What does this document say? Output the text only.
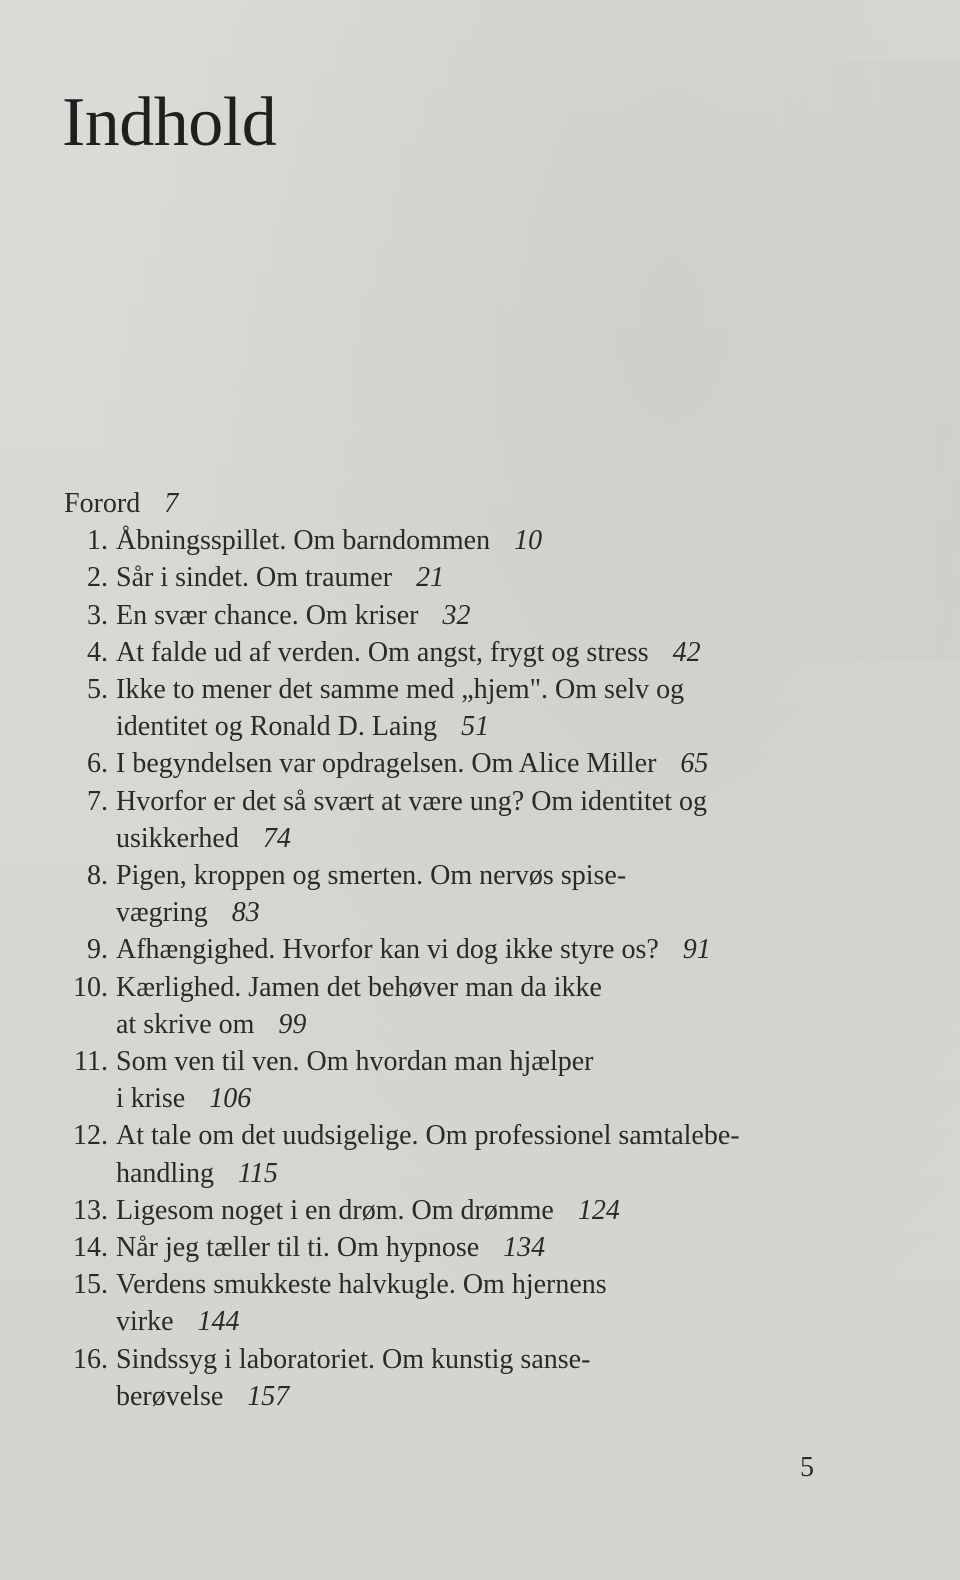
Indhold
Forord 7
1. Åbningsspillet. Om barndommen 10
2. Sår i sindet. Om traumer 21
3. En svær chance. Om kriser 32
4. At falde ud af verden. Om angst, frygt og stress 42
5. Ikke to mener det samme med „hjem". Om selv og
identitet og Ronald D. Laing 51
6. I begyndelsen var opdragelsen. Om Alice Miller 65
7. Hvorfor er det så svært at være ung? Om identitet og
usikkerhed 74
8. Pigen, kroppen og smerten. Om nervøs spise-
vægring 83
9. Afhængighed. Hvorfor kan vi dog ikke styre os? 91
10. Kærlighed. Jamen det behøver man da ikke
at skrive om 99
11. Som ven til ven. Om hvordan man hjælper
i krise 106
12. At tale om det uudsigelige. Om professionel samtalebe-
handling 115
13. Ligesom noget i en drøm. Om drømme 124
14. Når jeg tæller til ti. Om hypnose 134
15. Verdens smukkeste halvkugle. Om hjernens
virke 144
16. Sindssyg i laboratoriet. Om kunstig sanse-
berøvelse 157
5
